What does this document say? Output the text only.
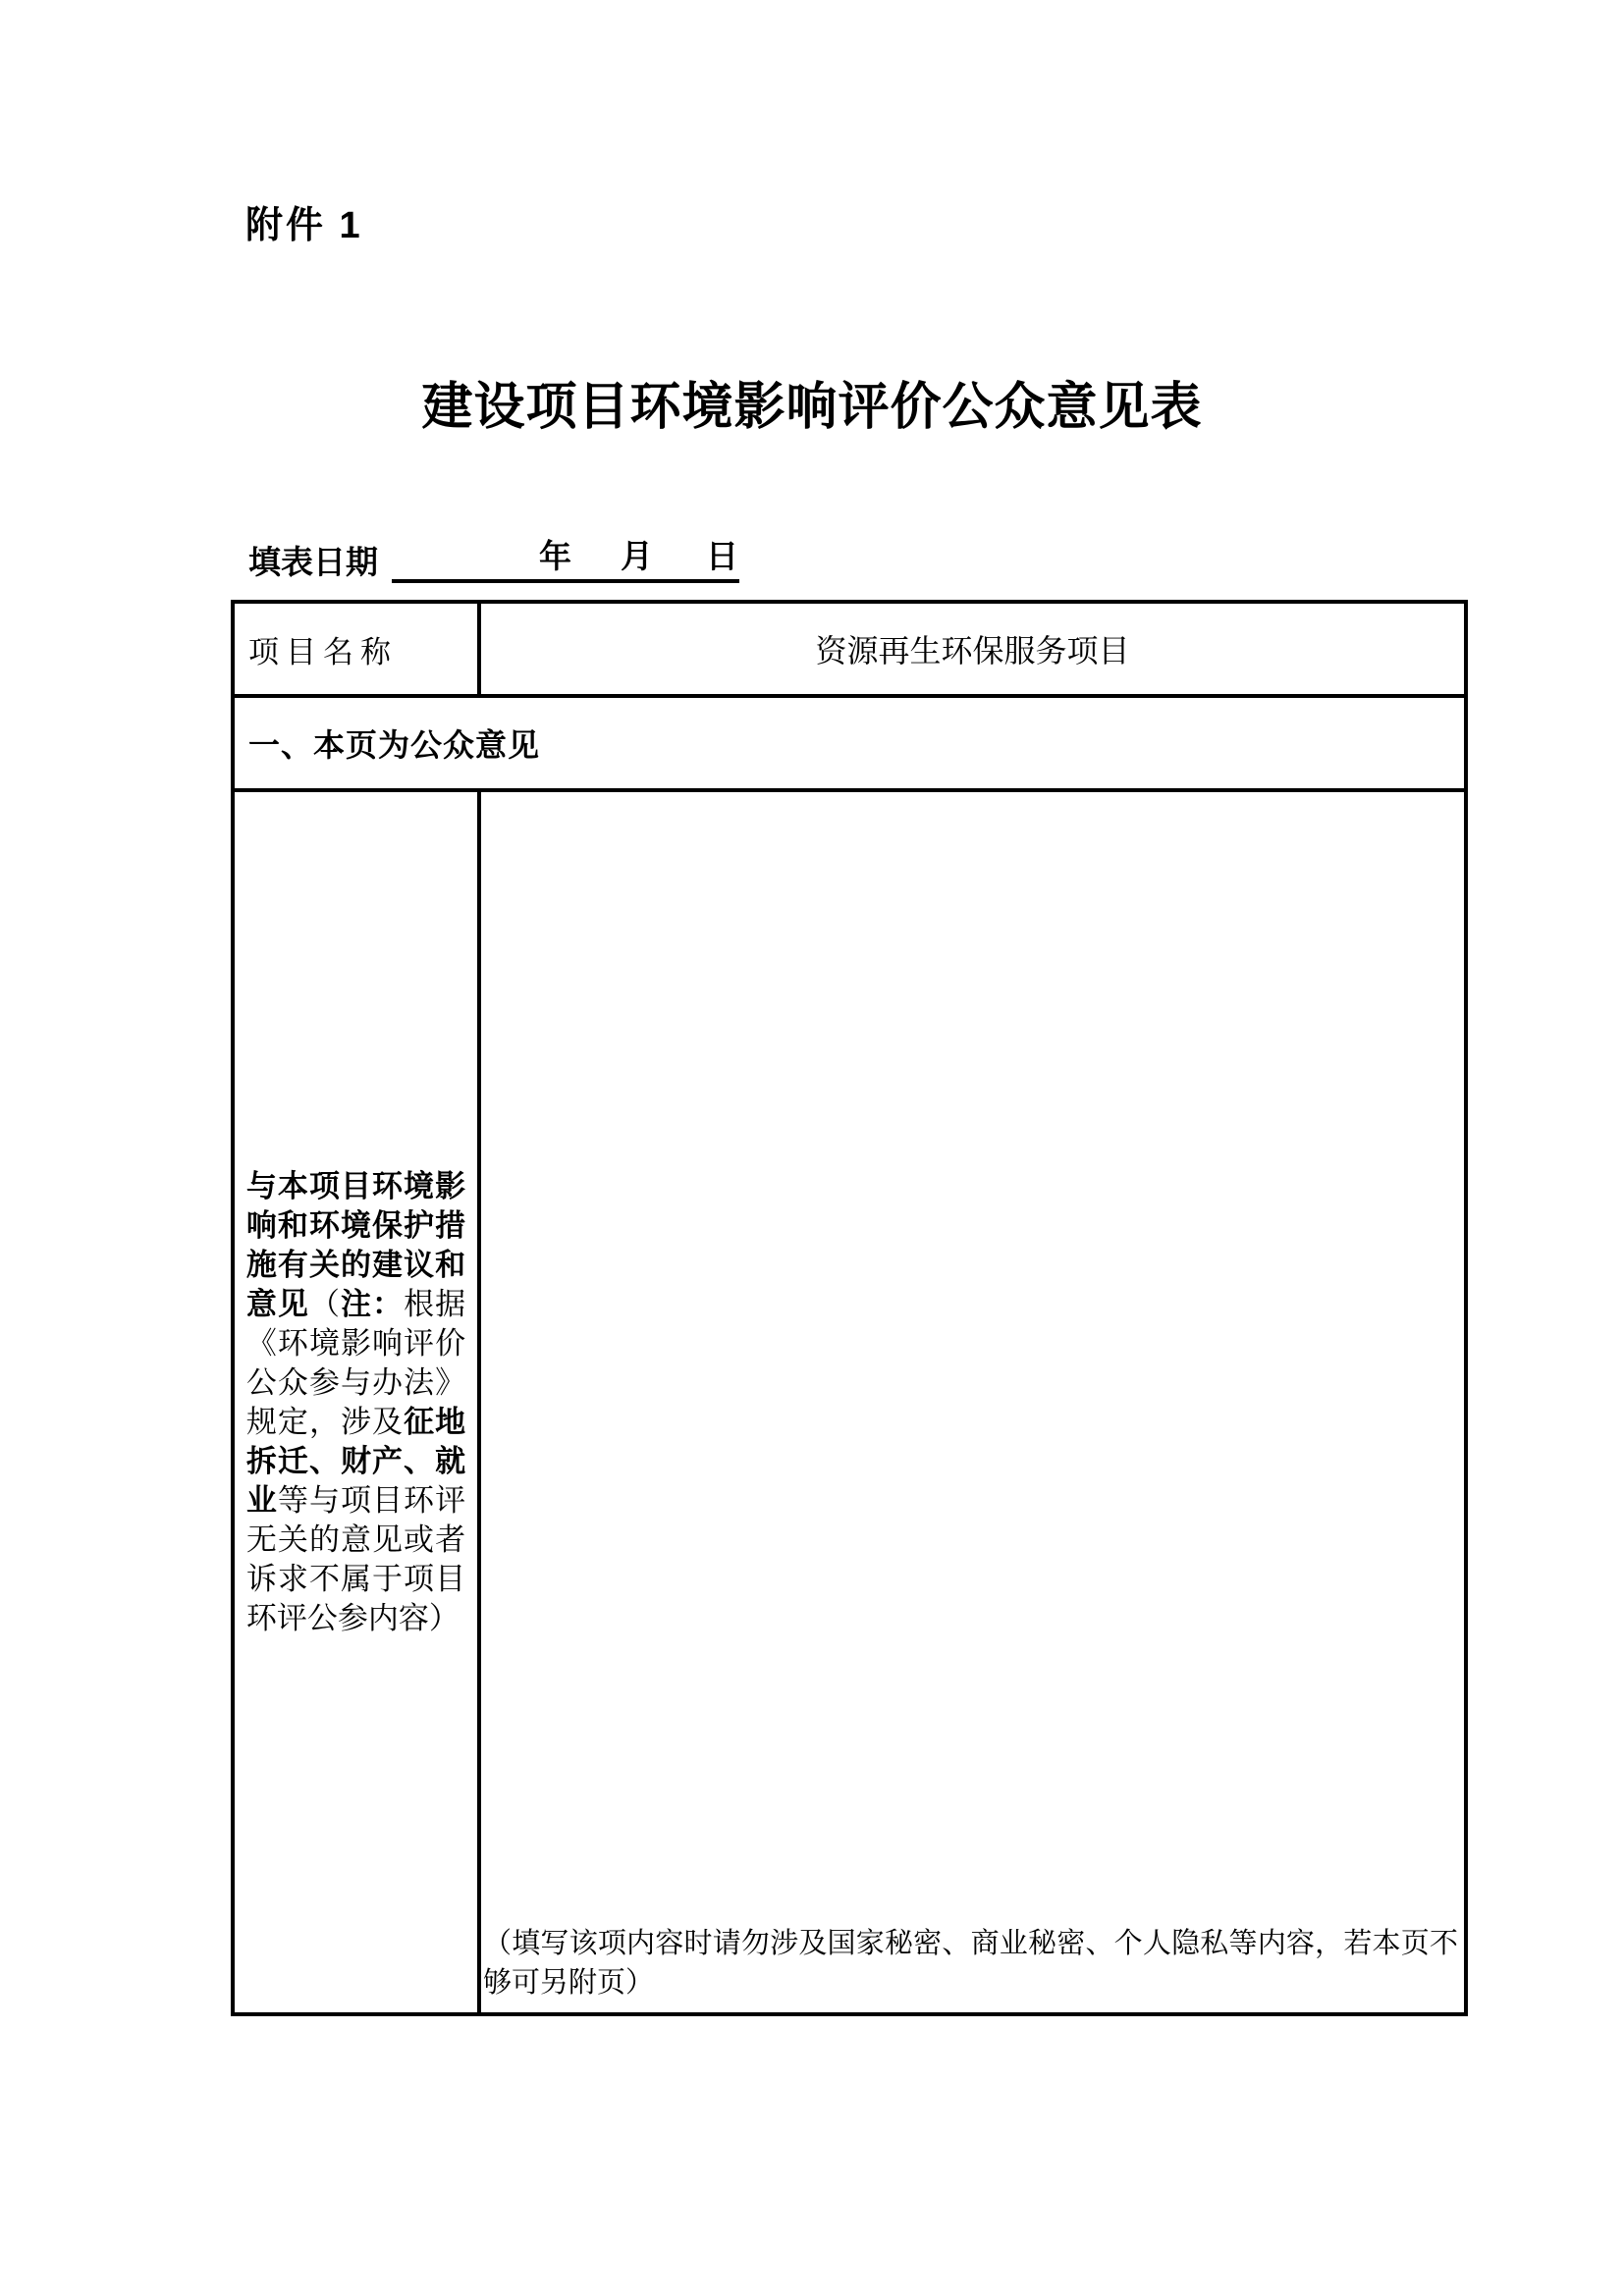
附件 1
建设项目环境影响评价公众意见表
填表日期	年 月 日
项目名称	资源再生环保服务项目

一、本页为公众意见	

与本项目环境影响和环境保护措施有关的建议和意见（注：根据《环境影响评价公众参与办法》规定，涉及征地拆迁、财产、就业等与项目环评无关的意见或者诉求不属于项目环评公参内容）	（填写该项内容时请勿涉及国家秘密、商业秘密、个人隐私等内容，若本页不够可另附页）
